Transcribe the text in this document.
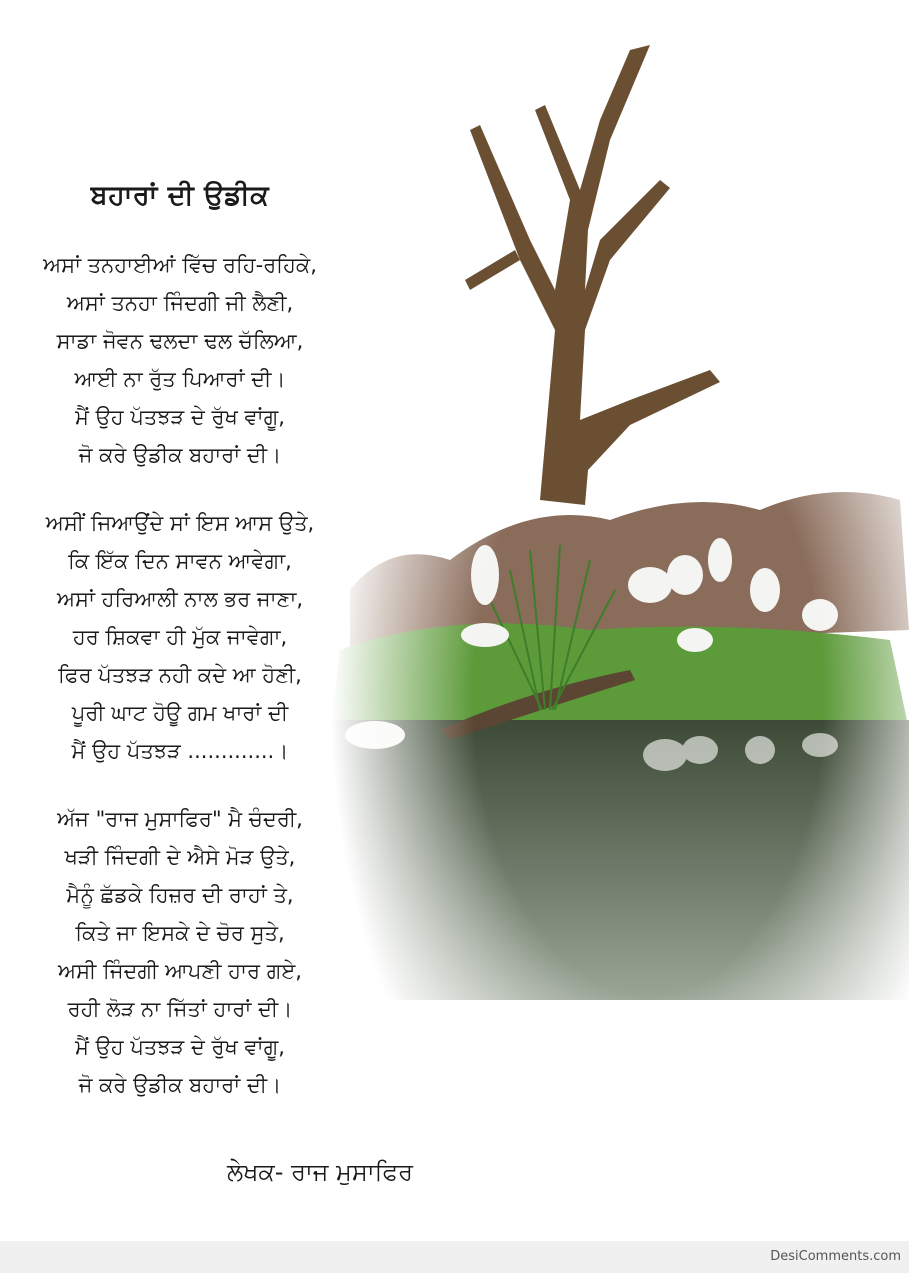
ਬਹਾਰਾਂ ਦੀ ਉਡੀਕ
ਅਸਾਂ ਤਨਹਾਈਆਂ ਵਿੱਚ ਰਹਿ-ਰਹਿਕੇ,
ਅਸਾਂ ਤਨਹਾ ਜਿੰਦਗੀ ਜੀ ਲੈਣੀ,
ਸਾਡਾ ਜੋਵਨ ਢਲਦਾ ਢਲ ਚੱਲਿਆ,
ਆਈ ਨਾ ਰੁੱਤ ਪਿਆਰਾਂ ਦੀ।
ਮੈਂ ਉਹ ਪੱਤਝੜ ਦੇ ਰੁੱਖ ਵਾਂਗੂ,
ਜੋ ਕਰੇ ਉਡੀਕ ਬਹਾਰਾਂ ਦੀ।
ਅਸੀਂ ਜਿਆਉਂਦੇ ਸਾਂ ਇਸ ਆਸ ਉਤੇ,
ਕਿ ਇੱਕ ਦਿਨ ਸਾਵਨ ਆਵੇਗਾ,
ਅਸਾਂ ਹਰਿਆਲੀ ਨਾਲ ਭਰ ਜਾਣਾ,
ਹਰ ਸ਼ਿਕਵਾ ਹੀ ਮੁੱਕ ਜਾਵੇਗਾ,
ਫਿਰ ਪੱਤਝੜ ਨਹੀ ਕਦੇ ਆ ਹੋਣੀ,
ਪੂਰੀ ਘਾਟ ਹੋਊ ਗਮ ਖਾਰਾਂ ਦੀ
ਮੈਂ ਉਹ ਪੱਤਝੜ .............।
ਅੱਜ "ਰਾਜ ਮੁਸਾਫਿਰ" ਮੈ ਚੰਦਰੀ,
ਖੜੀ ਜਿੰਦਗੀ ਦੇ ਐਸੇ ਮੋੜ ਉਤੇ,
ਮੈਨੂੰ ਛੱਡਕੇ ਹਿਜ਼ਰ ਦੀ ਰਾਹਾਂ ਤੇ,
ਕਿਤੇ ਜਾ ਇਸਕੇ ਦੇ ਚੋਰ ਸੁਤੇ,
ਅਸੀ ਜਿੰਦਗੀ ਆਪਣੀ ਹਾਰ ਗਏ,
ਰਹੀ ਲੋੜ ਨਾ ਜਿੱਤਾਂ ਹਾਰਾਂ ਦੀ।
ਮੈਂ ਉਹ ਪੱਤਝੜ ਦੇ ਰੁੱਖ ਵਾਂਗੂ,
ਜੋ ਕਰੇ ਉਡੀਕ ਬਹਾਰਾਂ ਦੀ।
ਲੇਖਕ- ਰਾਜ ਮੁਸਾਫਿਰ
DesiComments.com
